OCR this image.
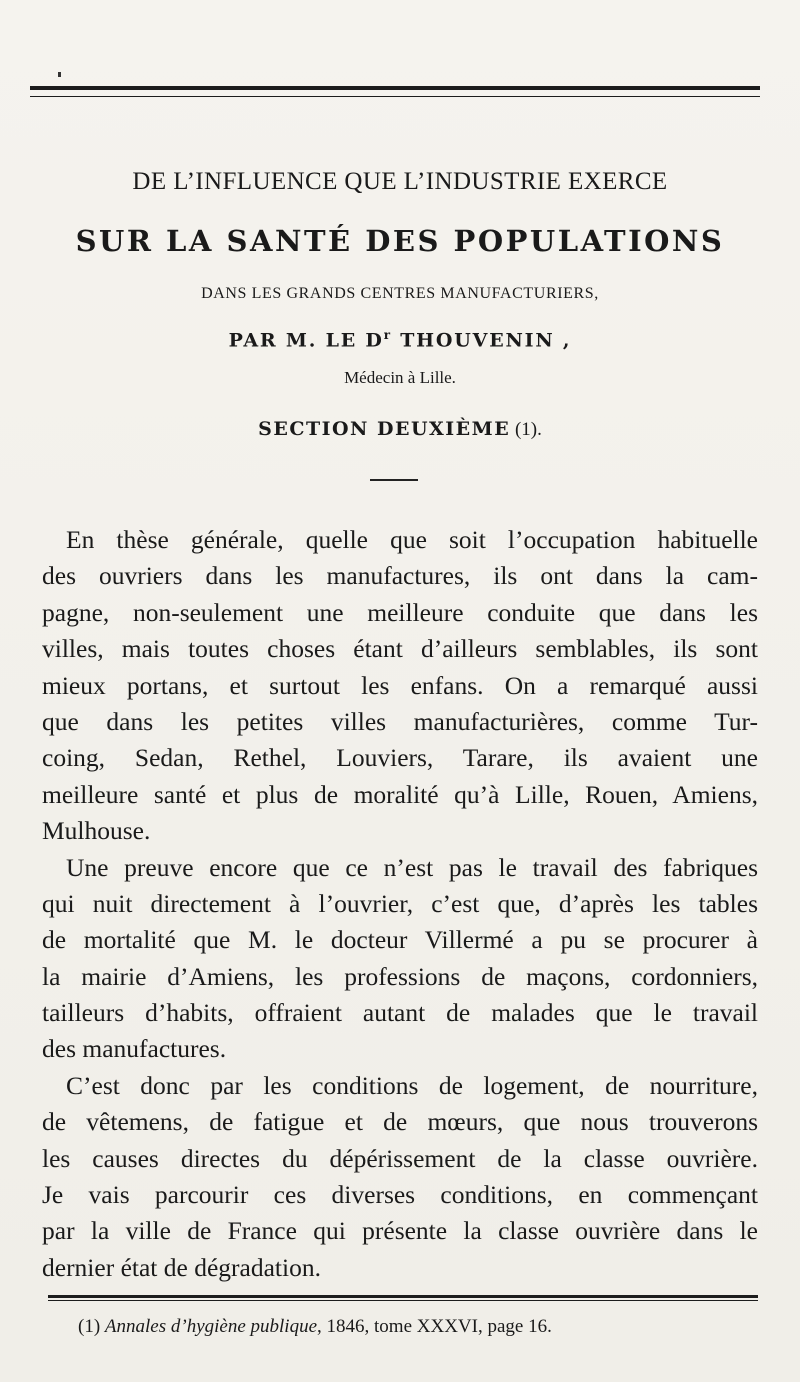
DE L’INFLUENCE QUE L’INDUSTRIE EXERCE
SUR LA SANTÉ DES POPULATIONS
DANS LES GRANDS CENTRES MANUFACTURIERS,
PAR M. LE $D^r$ THOUVENIN ,
Médecin à Lille.
SECTION DEUXIÈME (1).
En thèse générale, quelle que soit l’occupation habituelle
des ouvriers dans les manufactures, ils ont dans la cam-
pagne, non-seulement une meilleure conduite que dans les
villes, mais toutes choses étant d’ailleurs semblables, ils sont
mieux portans, et surtout les enfans. On a remarqué aussi
que dans les petites villes manufacturières, comme Tur-
coing, Sedan, Rethel, Louviers, Tarare, ils avaient une
meilleure santé et plus de moralité qu’à Lille, Rouen, Amiens,
Mulhouse.
Une preuve encore que ce n’est pas le travail des fabriques
qui nuit directement à l’ouvrier, c’est que, d’après les tables
de mortalité que M. le docteur Villermé a pu se procurer à
la mairie d’Amiens, les professions de maçons, cordonniers,
tailleurs d’habits, offraient autant de malades que le travail
des manufactures.
C’est donc par les conditions de logement, de nourriture,
de vêtemens, de fatigue et de mœurs, que nous trouverons
les causes directes du dépérissement de la classe ouvrière.
Je vais parcourir ces diverses conditions, en commençant
par la ville de France qui présente la classe ouvrière dans le
dernier état de dégradation.
(1) Annales d’hygiène publique, 1846, tome XXXVI, page 16.
